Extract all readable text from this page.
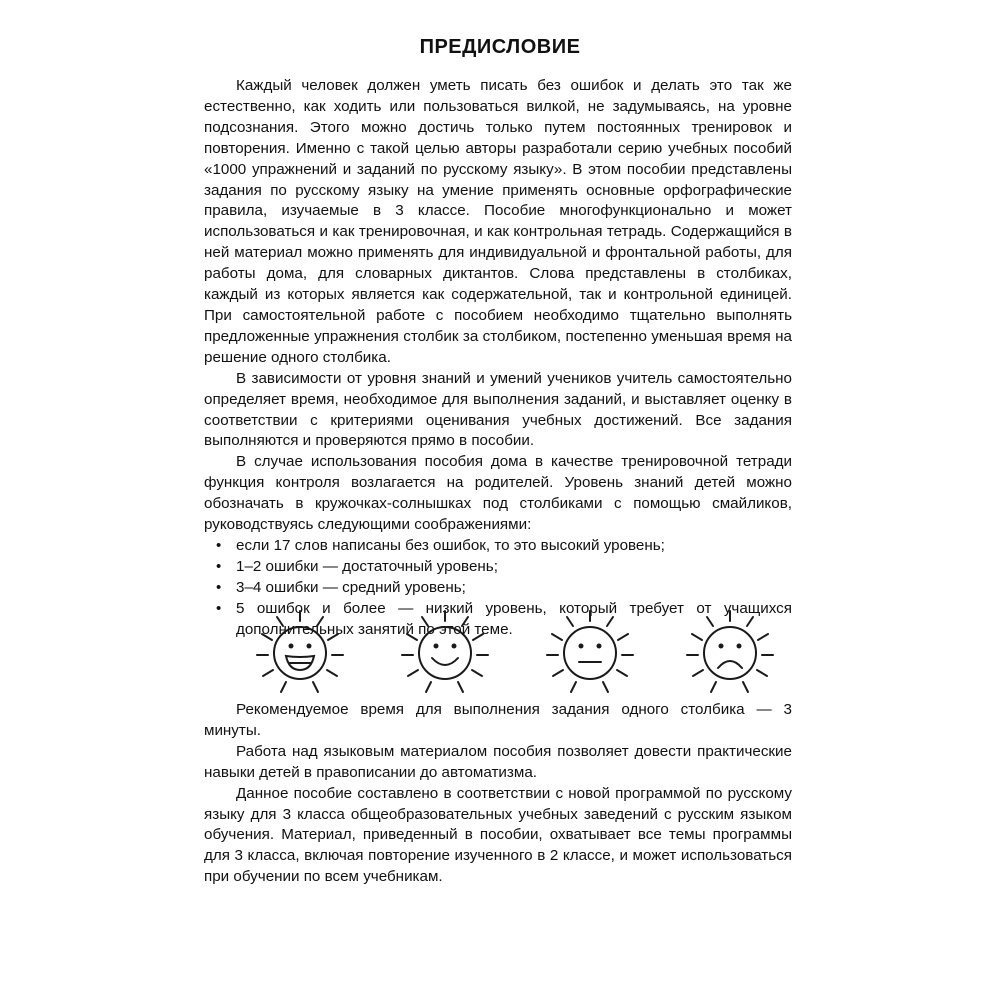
ПРЕДИСЛОВИЕ

Каждый человек должен уметь писать без ошибок и делать это так же естественно, как ходить или пользоваться вилкой, не задумываясь, на уровне подсознания. Этого можно достичь только путем постоянных тренировок и повторения. Именно с такой целью авторы разработали серию учебных пособий «1000 упражнений и заданий по русскому языку». В этом пособии представлены задания по русскому языку на умение применять основные орфографические правила, изучаемые в 3 классе. Пособие многофункционально и может использоваться и как тренировочная, и как контрольная тетрадь. Содержащийся в ней материал можно применять для индивидуальной и фронтальной работы, для работы дома, для словарных диктантов. Слова представлены в столбиках, каждый из которых является как содержательной, так и контрольной единицей. При самостоятельной работе с пособием необходимо тщательно выполнять предложенные упражнения столбик за столбиком, постепенно уменьшая время на решение одного столбика.

В зависимости от уровня знаний и умений учеников учитель самостоятельно определяет время, необходимое для выполнения заданий, и выставляет оценку в соответствии с критериями оценивания учебных достижений. Все задания выполняются и проверяются прямо в пособии.

В случае использования пособия дома в качестве тренировочной тетради функция контроля возлагается на родителей. Уровень знаний детей можно обозначать в кружочках-солнышках под столбиками с помощью смайликов, руководствуясь следующими соображениями:

• если 17 слов написаны без ошибок, то это высокий уровень;
• 1–2 ошибки — достаточный уровень;
• 3–4 ошибки — средний уровень;
• 5 ошибок и более — низкий уровень, который требует от учащихся дополнительных занятий по этой теме.

Рекомендуемое время для выполнения задания одного столбика — 3 минуты.

Работа над языковым материалом пособия позволяет довести практические навыки детей в правописании до автоматизма.

Данное пособие составлено в соответствии с новой программой по русскому языку для 3 класса общеобразовательных учебных заведений с русским языком обучения. Материал, приведенный в пособии, охватывает все темы программы для 3 класса, включая повторение изученного в 2 классе, и может использоваться при обучении по всем учебникам.
